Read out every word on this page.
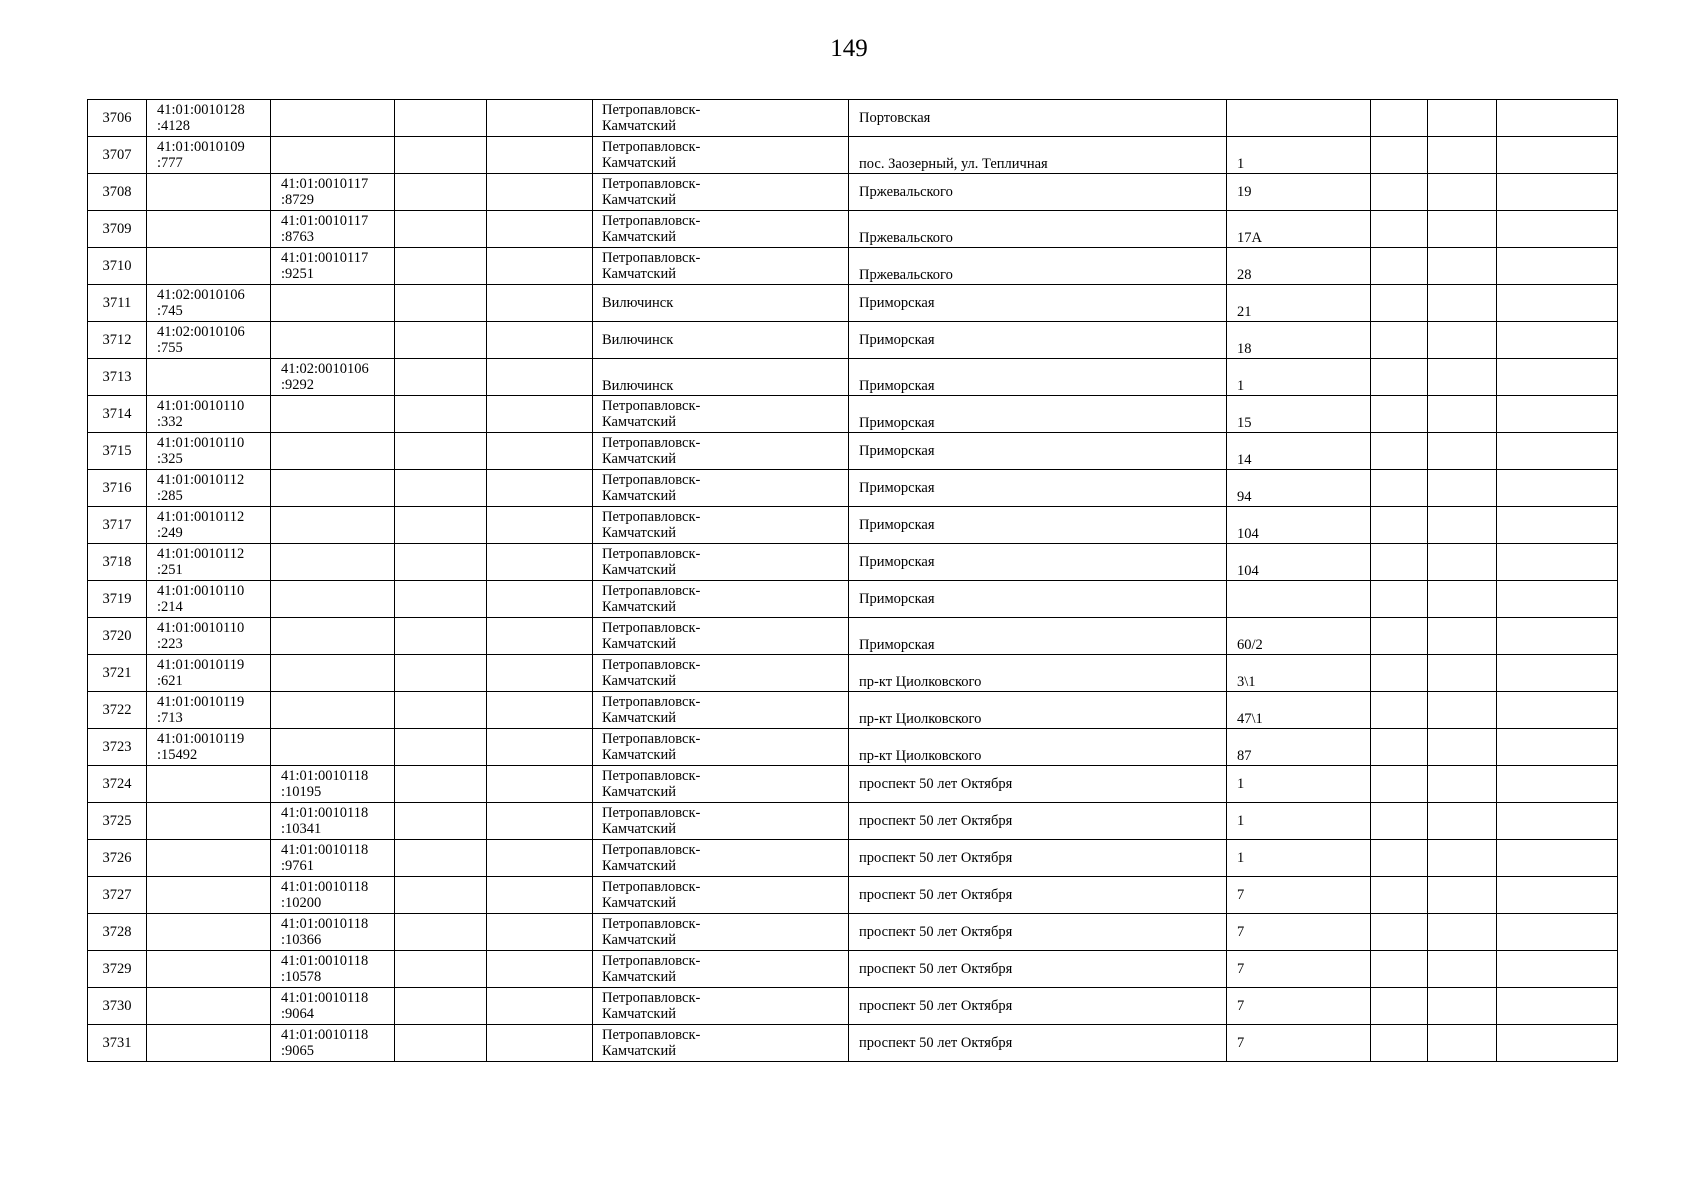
149
3706	41:01:0010128
:4128				Петропавловск-
Камчатский	Портовская				
3707	41:01:0010109
:777				Петропавловск-
Камчатский	пос. Заозерный, ул. Тепличная	1			
3708		41:01:0010117
:8729			Петропавловск-
Камчатский	Пржевальского	19			
3709		41:01:0010117
:8763			Петропавловск-
Камчатский	Пржевальского	17А			
3710		41:01:0010117
:9251			Петропавловск-
Камчатский	Пржевальского	28			
3711	41:02:0010106
:745				Вилючинск	Приморская	21			
3712	41:02:0010106
:755				Вилючинск	Приморская	18			
3713		41:02:0010106
:9292			Вилючинск	Приморская	1			
3714	41:01:0010110
:332				Петропавловск-
Камчатский	Приморская	15			
3715	41:01:0010110
:325				Петропавловск-
Камчатский	Приморская	14			
3716	41:01:0010112
:285				Петропавловск-
Камчатский	Приморская	94			
3717	41:01:0010112
:249				Петропавловск-
Камчатский	Приморская	104			
3718	41:01:0010112
:251				Петропавловск-
Камчатский	Приморская	104			
3719	41:01:0010110
:214				Петропавловск-
Камчатский	Приморская				
3720	41:01:0010110
:223				Петропавловск-
Камчатский	Приморская	60/2			
3721	41:01:0010119
:621				Петропавловск-
Камчатский	пр-кт Циолковского	3\1			
3722	41:01:0010119
:713				Петропавловск-
Камчатский	пр-кт Циолковского	47\1			
3723	41:01:0010119
:15492				Петропавловск-
Камчатский	пр-кт Циолковского	87			
3724		41:01:0010118
:10195			Петропавловск-
Камчатский	проспект 50 лет Октября	1			
3725		41:01:0010118
:10341			Петропавловск-
Камчатский	проспект 50 лет Октября	1			
3726		41:01:0010118
:9761			Петропавловск-
Камчатский	проспект 50 лет Октября	1			
3727		41:01:0010118
:10200			Петропавловск-
Камчатский	проспект 50 лет Октября	7			
3728		41:01:0010118
:10366			Петропавловск-
Камчатский	проспект 50 лет Октября	7			
3729		41:01:0010118
:10578			Петропавловск-
Камчатский	проспект 50 лет Октября	7			
3730		41:01:0010118
:9064			Петропавловск-
Камчатский	проспект 50 лет Октября	7			
3731		41:01:0010118
:9065			Петропавловск-
Камчатский	проспект 50 лет Октября	7			
